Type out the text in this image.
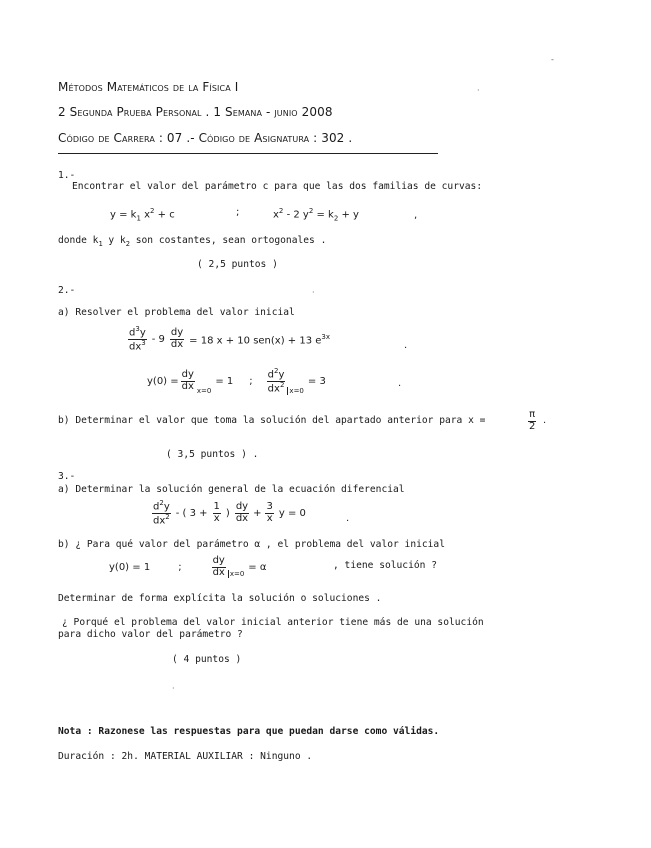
Métodos Matemáticos de la Física I
2 Segunda Prueba Personal . 1 Semana - junio 2008
Código de Carrera : 07 .- Código de Asignatura : 302 .
1.-
Encontrar el valor del parámetro c para que las dos familias de curvas:
$y = k_1$ $x^2 + c$	;	$x^2 - 2$ $y^2 = k_2 + y$	,
donde $k_1$ y $k_2$ son costantes, sean ortogonales .
( 2,5 puntos )
2.-
a) Resolver el problema del valor inicial
$\frac{d^3y}{dx^3} - 9 \frac{dy}{dx} = 18$ x + 10 sen(x) + 13 $e^{3x}$
.
$y(0) = \frac{dy}{dx} x=0$
= 1 ; $\frac{d^2y}{dx^2} x=0$
= 3	.
b) Determinar el valor que toma la solución del apartado anterior para x =	$\frac{\pi}{2}$ .
( 3,5 puntos ) .
3.-
a) Determinar la solución general de la ecuación diferencial
$\frac{d^2y}{dx^2}$ - ( $3 + \frac{1}{x}$ ) $\frac{dy}{dx} + \frac{3}{x}$ y = 0	.
b) ¿ Para qué valor del parámetro α , el problema del valor inicial
y(0) = 1	;	$\frac{dy}{dx} x=0$
= α	, tiene solución ?
Determinar de forma explícita la solución o soluciones .
¿ Porqué el problema del valor inicial anterior tiene más de una solución
para dicho valor del parámetro ?
( 4 puntos )
Nota : Razonese las respuestas para que puedan darse como válidas.
Duración : 2h. MATERIAL AUXILIAR : Ninguno .
-
·
·
·
